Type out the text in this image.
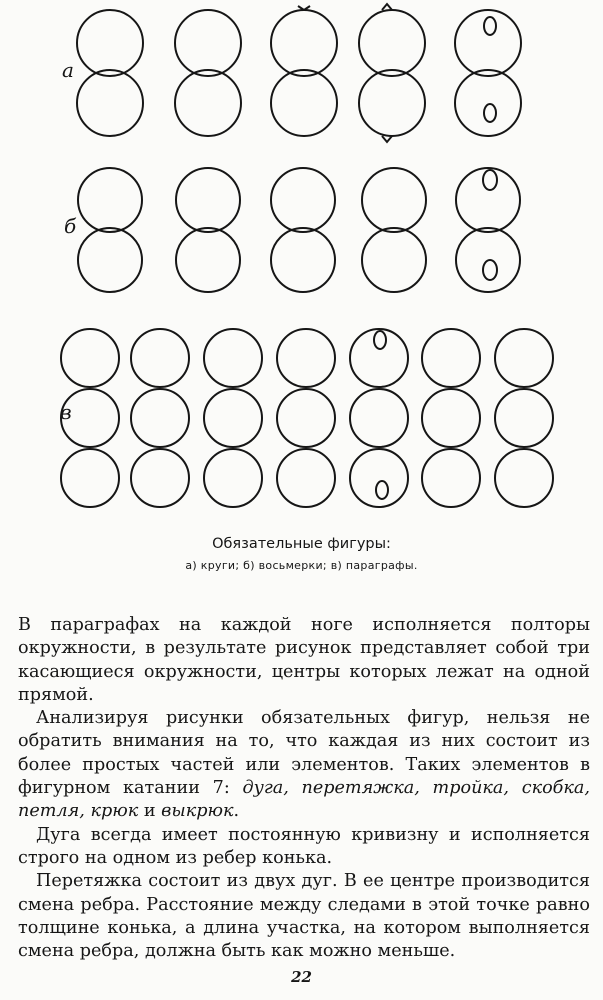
а
б
в
Обязательные фигуры:
а) круги; б) восьмерки; в) параграфы.

В параграфах на каждой ноге исполняется полторы окружности, в результате рисунок представляет собой три касающиеся окружности, центры которых лежат на одной прямой.

Анализируя рисунки обязательных фигур, нельзя не обратить внимания на то, что каждая из них состоит из более простых частей или элементов. Таких элементов в фигурном катании 7: дуга, перетяжка, тройка, скобка, петля, крюк и выкрюк.

Дуга всегда имеет постоянную кривизну и исполняется строго на одном из ребер конька.

Перетяжка состоит из двух дуг. В ее центре производится смена ребра. Расстояние между следами в этой точке равно толщине конька, а длина участка, на котором выполняется смена ребра, должна быть как можно меньше.

22
